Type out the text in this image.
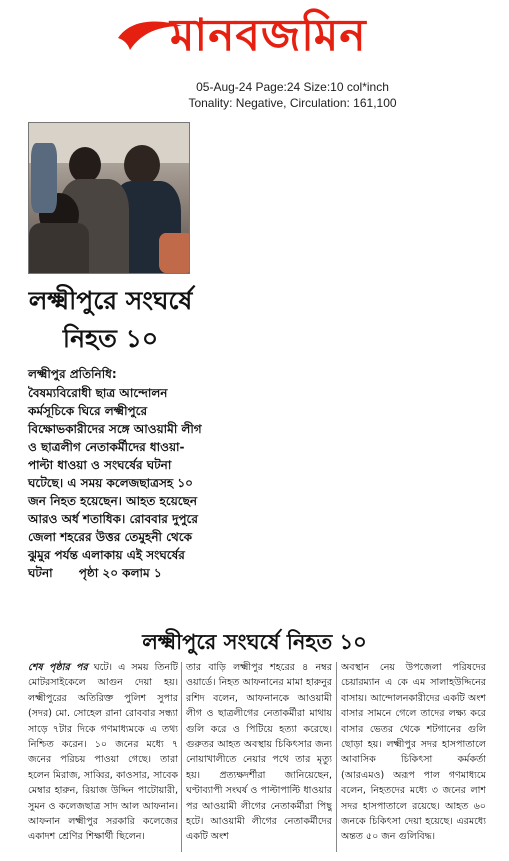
মানবজমিন
05-Aug-24 Page:24 Size:10 col*inch
Tonality: Negative, Circulation: 161,100
লক্ষ্মীপুরে সংঘর্ষে নিহত ১০
লক্ষ্মীপুর প্রতিনিধি:
বৈষম্যবিরোধী ছাত্র আন্দোলন কর্মসূচিকে ঘিরে লক্ষ্মীপুরে বিক্ষোভকারীদের সঙ্গে আওয়ামী লীগ ও ছাত্রলীগ নেতাকর্মীদের ধাওয়া-পাল্টা ধাওয়া ও সংঘর্ষের ঘটনা ঘটেছে। এ সময় কলেজছাত্রসহ ১০ জন নিহত হয়েছেন। আহত হয়েছেন আরও অর্ধ শতাধিক। রোববার দুপুরে জেলা শহরের উত্তর তেমুহনী থেকে ঝুমুর পর্যন্ত এলাকায় এই সংঘর্ষের ঘটনা পৃষ্ঠা ২০ কলাম ১
লক্ষ্মীপুরে সংঘর্ষে নিহত ১০
শেষ পৃষ্ঠার পর ঘটে। এ সময় তিনটি মোটরসাইকেলে আগুন দেয়া হয়। লক্ষ্মীপুরের অতিরিক্ত পুলিশ সুপার (সদর) মো. সোহেল রানা রোববার সন্ধ্যা সাড়ে ৭টার দিকে গণমাধ্যমকে এ তথ্য নিশ্চিত করেন। ১০ জনের মধ্যে ৭ জনের পরিচয় পাওয়া গেছে। তারা হলেন মিরাজ, সাব্বির, কাওসার, সাবেক মেম্বার হারুন, রিয়াজ উদ্দিন পাটোয়ারী, সুমন ও কলেজছাত্র সাদ আল আফনান। আফনান লক্ষ্মীপুর সরকারি কলেজের একাদশ শ্রেণির শিক্ষার্থী ছিলেন।
তার বাড়ি লক্ষ্মীপুর শহরের ৪ নম্বর ওয়ার্ডে। নিহত আফনানের মামা হারুনুর রশিদ বলেন, আফনানকে আওয়ামী লীগ ও ছাত্রলীগের নেতাকর্মীরা মাথায় গুলি করে ও পিটিয়ে হত্যা করেছে। গুরুতর আহত অবস্থায় চিকিৎসার জন্য নোয়াখালীতে নেয়ার পথে তার মৃত্যু হয়। প্রত্যক্ষদর্শীরা জানিয়েছেন, ঘণ্টাব্যাপী সংঘর্ষ ও পাল্টাপাল্টি ধাওয়ার পর আওয়ামী লীগের নেতাকর্মীরা পিছু হটে। আওয়ামী লীগের নেতাকর্মীদের একটি অংশ
অবস্থান নেয় উপজেলা পরিষদের চেয়ারম্যান এ কে এম সালাহউদ্দিনের বাসায়। আন্দোলনকারীদের একটি অংশ বাসার সামনে গেলে তাদের লক্ষ্য করে বাসার ভেতর থেকে শটগানের গুলি ছোড়া হয়। লক্ষ্মীপুর সদর হাসপাতালে আবাসিক চিকিৎসা কর্মকর্তা (আরএমও) অরূপ পাল গণমাধ্যমে বলেন, নিহতদের মধ্যে ৩ জনের লাশ সদর হাসপাতালে রয়েছে। আহত ৬০ জনকে চিকিৎসা দেয়া হয়েছে। এরমধ্যে অন্তত ৫০ জন গুলিবিদ্ধ।
